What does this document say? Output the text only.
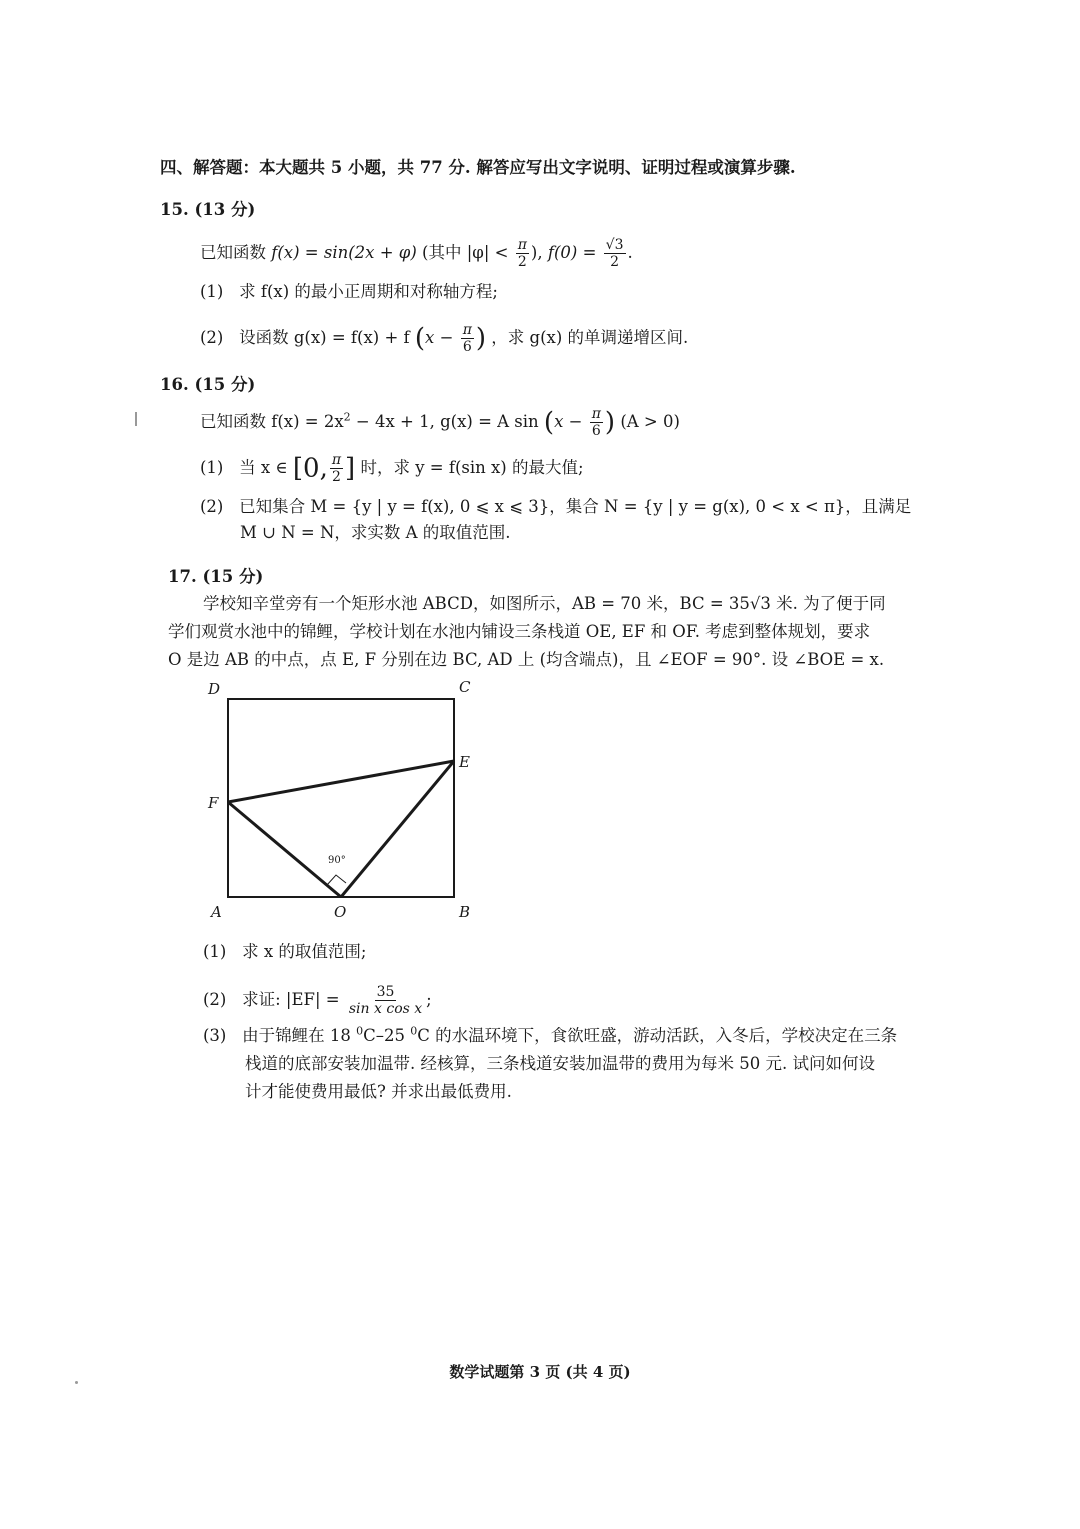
四、解答题：本大题共 5 小题，共 77 分. 解答应写出文字说明、证明过程或演算步骤.
15. (13 分)
已知函数 f(x) = sin(2x + φ) (其中 $|\varphi| < \frac{\pi}{2}$ ), $f(0) = \frac{√3}{2}$ .
(1) 求 f(x) 的最小正周期和对称轴方程;
(2) 设函数 g(x) = f(x) + f ($x - \frac{\pi}{6}$ ) ，求 g(x) 的单调递增区间.
16. (15 分)
已知函数 $f(x) = 2x^2 - 4x + 1$, g(x) = A $\sin (x - \frac{\pi}{6}$ ) (A > 0)
(1) 当 x ∈ [0, $\frac{\pi}{2}$ ] 时，求 y = f(sin x) 的最大值;
(2) 已知集合 M = {y | y = f(x), 0 ⩽ x ⩽ 3}，集合 N = {y | y = g(x), 0 < x < π}，且满足
M ∪ N = N，求实数 A 的取值范围.
17. (15 分)
学校知辛堂旁有一个矩形水池 ABCD，如图所示，AB = 70 米，BC = 35√3 米. 为了便于同
学们观赏水池中的锦鲤，学校计划在水池内铺设三条栈道 OE, EF 和 OF. 考虑到整体规划，要求
O 是边 AB 的中点，点 E, F 分别在边 BC, AD 上 (均含端点)，且 ∠EOF = 90°. 设 ∠BOE = x.
90°
D	C
E
F
A	O	B
(1) 求 x 的取值范围;
(2) 求证: $|EF| = \frac{35}{\text{sin x cos x}}$ ;
(3) 由于锦鲤在 18 $^0$C–25 $^0$C 的水温环境下，食欲旺盛，游动活跃，入冬后，学校决定在三条
栈道的底部安装加温带. 经核算，三条栈道安装加温带的费用为每米 50 元. 试问如何设
计才能使费用最低? 并求出最低费用.
数学试题第 3 页 (共 4 页)
